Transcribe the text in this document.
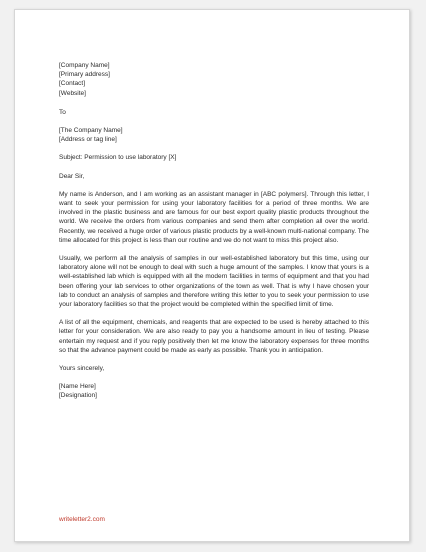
[Company Name]
[Primary address]
[Contact]
[Website]
To
[The Company Name]
[Address or tag line]
Subject: Permission to use laboratory [X]
Dear Sir,

My name is Anderson, and I am working as an assistant manager in [ABC polymers]. Through this letter, I want to seek your permission for using your laboratory facilities for a period of three months. We are involved in the plastic business and are famous for our best export quality plastic products throughout the world. We receive the orders from various companies and send them after completion all over the world. Recently, we received a huge order of various plastic products by a well-known multi-national company. The time allocated for this project is less than our routine and we do not want to miss this project also.

Usually, we perform all the analysis of samples in our well-established laboratory but this time, using our laboratory alone will not be enough to deal with such a huge amount of the samples. I know that yours is a well-established lab which is equipped with all the modern facilities in terms of equipment and that you had been offering your lab services to other organizations of the town as well. That is why I have chosen your lab to conduct an analysis of samples and therefore writing this letter to you to seek your permission to use your laboratory facilities so that the project would be completed within the specified limit of time.

A list of all the equipment, chemicals, and reagents that are expected to be used is hereby attached to this letter for your consideration. We are also ready to pay you a handsome amount in lieu of testing. Please entertain my request and if you reply positively then let me know the laboratory expenses for three months so that the advance payment could be made as early as possible. Thank you in anticipation.

Yours sincerely,
[Name Here]
[Designation]
writeletter2.com
